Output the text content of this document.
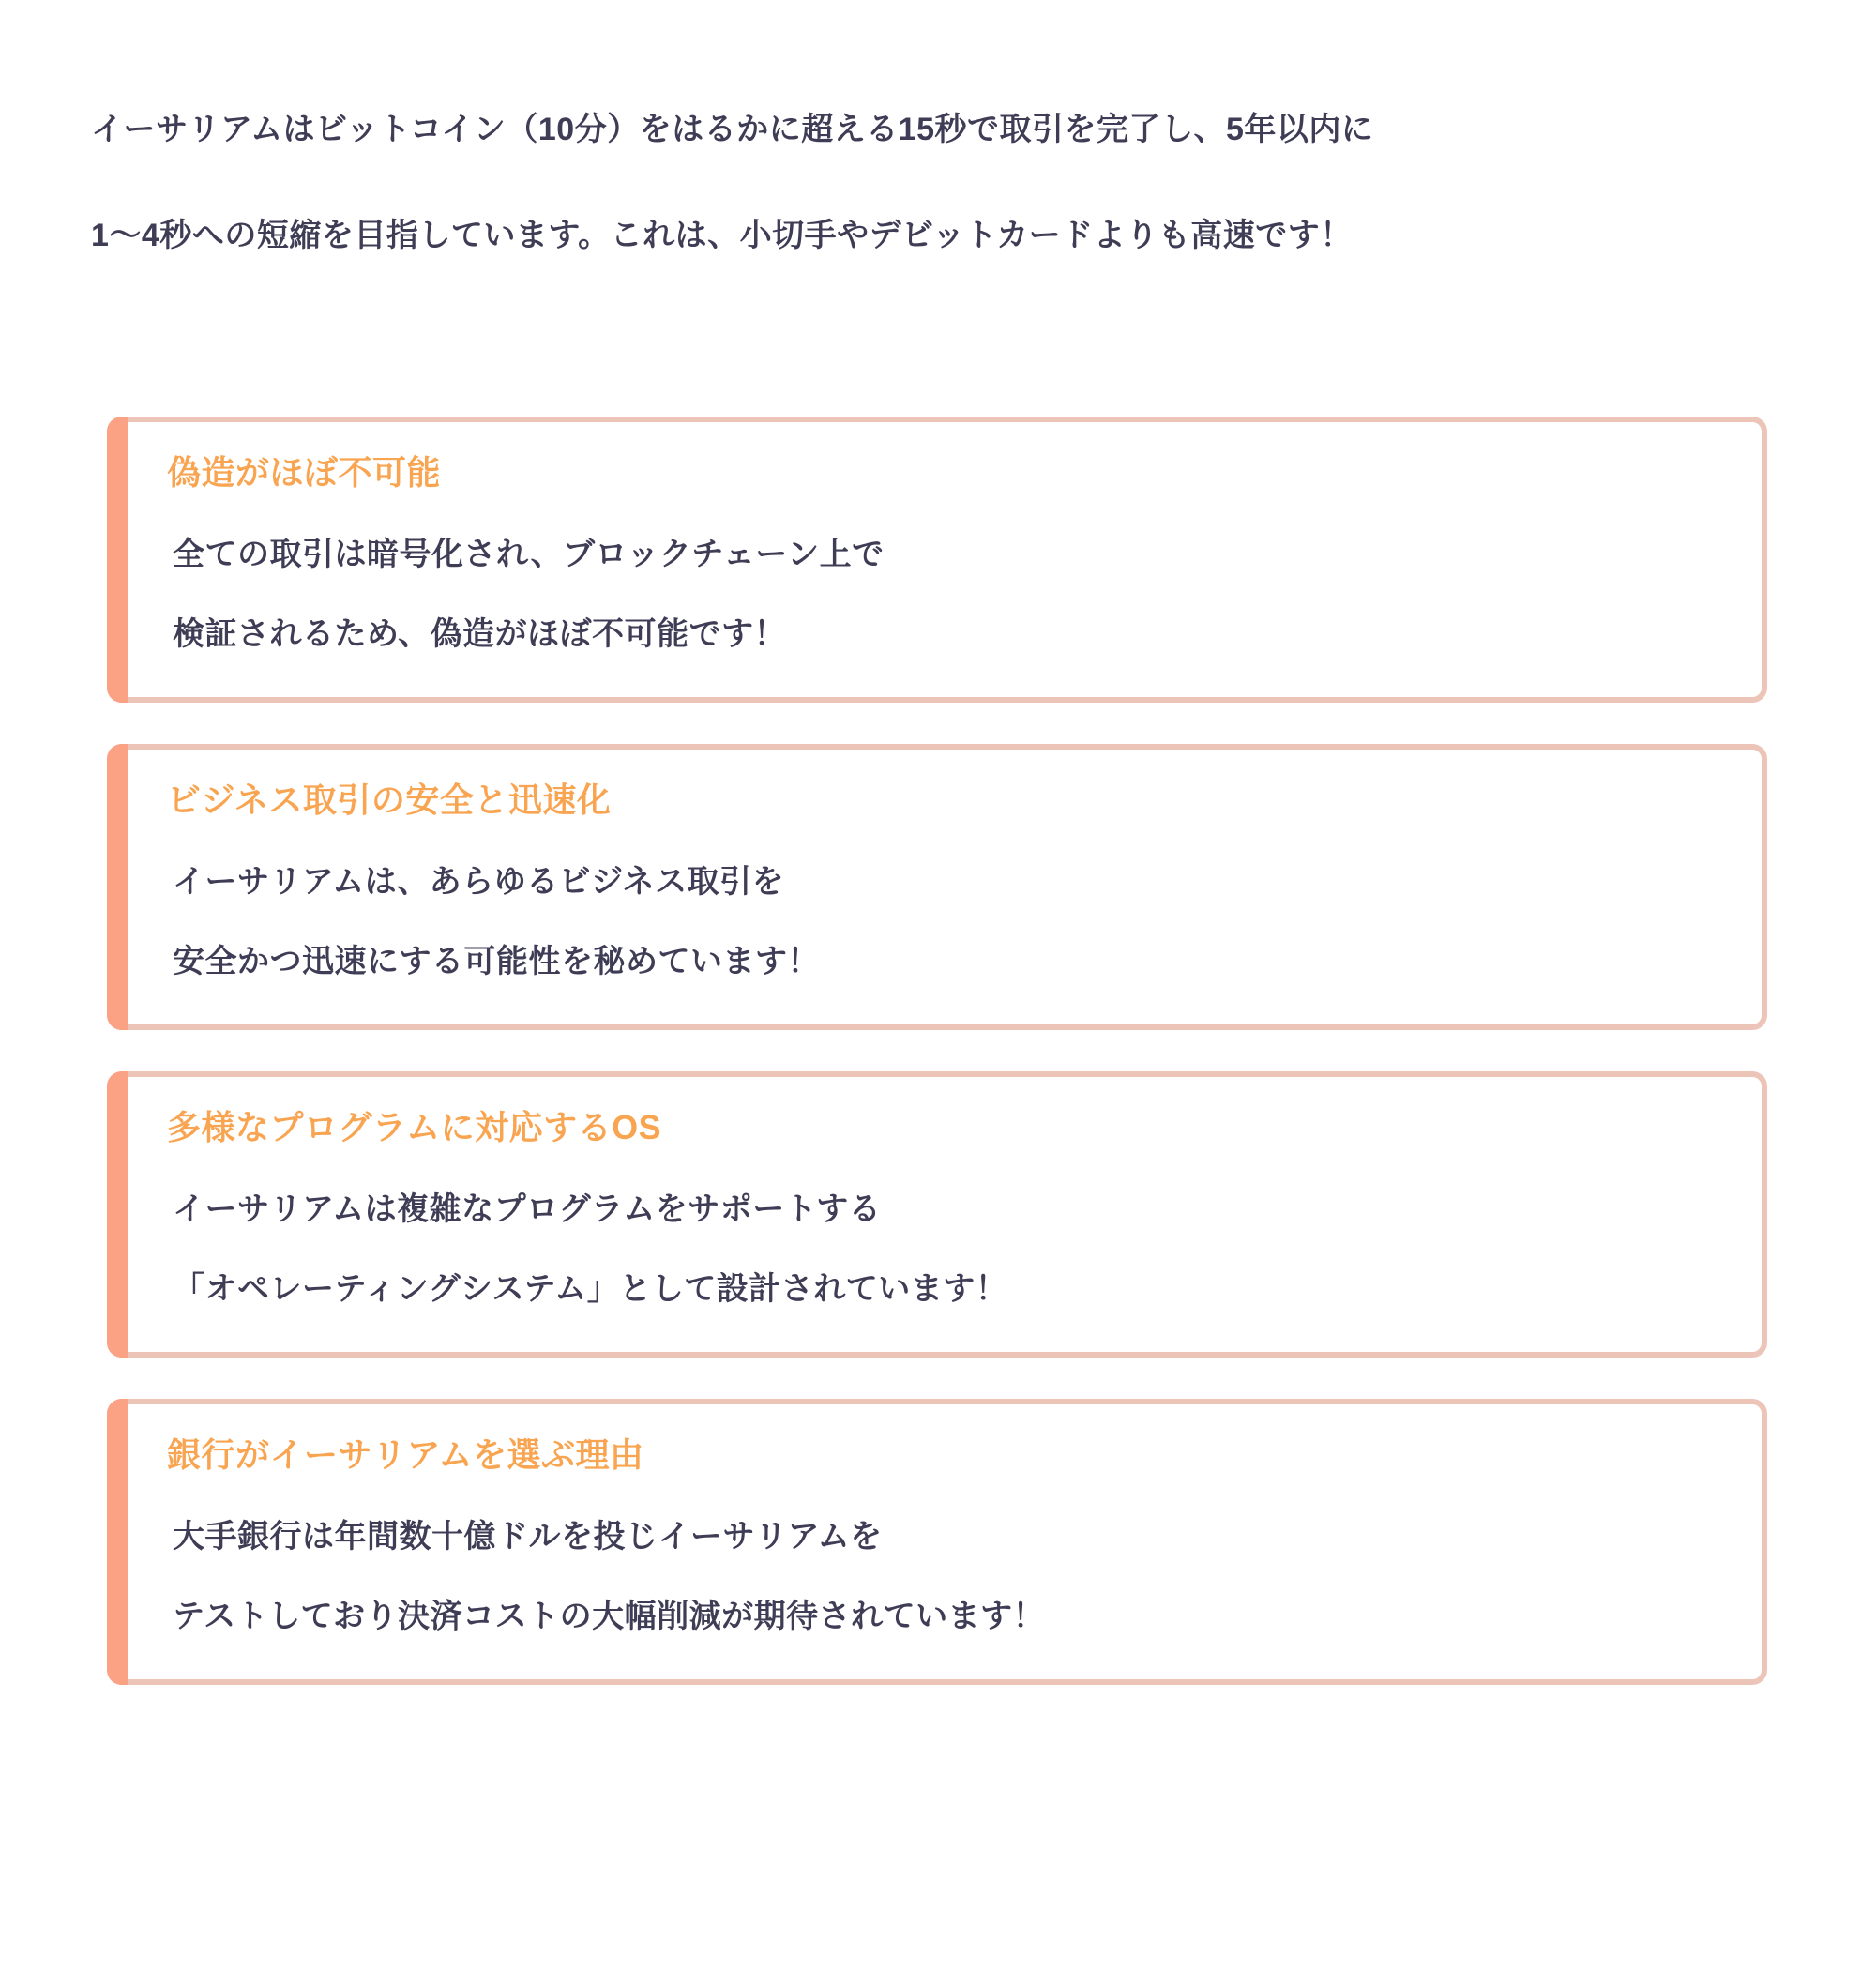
イーサリアムはビットコイン（10分）をはるかに超える15秒で取引を完了し、5年以内に
1〜4秒への短縮を目指しています。これは、小切手やデビットカードよりも高速です！
偽造がほぼ不可能
全ての取引は暗号化され、ブロックチェーン上で
検証されるため、偽造がほぼ不可能です！
ビジネス取引の安全と迅速化
イーサリアムは、あらゆるビジネス取引を
安全かつ迅速にする可能性を秘めています！
多様なプログラムに対応するOS
イーサリアムは複雑なプログラムをサポートする
「オペレーティングシステム」として設計されています！
銀行がイーサリアムを選ぶ理由
大手銀行は年間数十億ドルを投じイーサリアムを
テストしており決済コストの大幅削減が期待されています！
